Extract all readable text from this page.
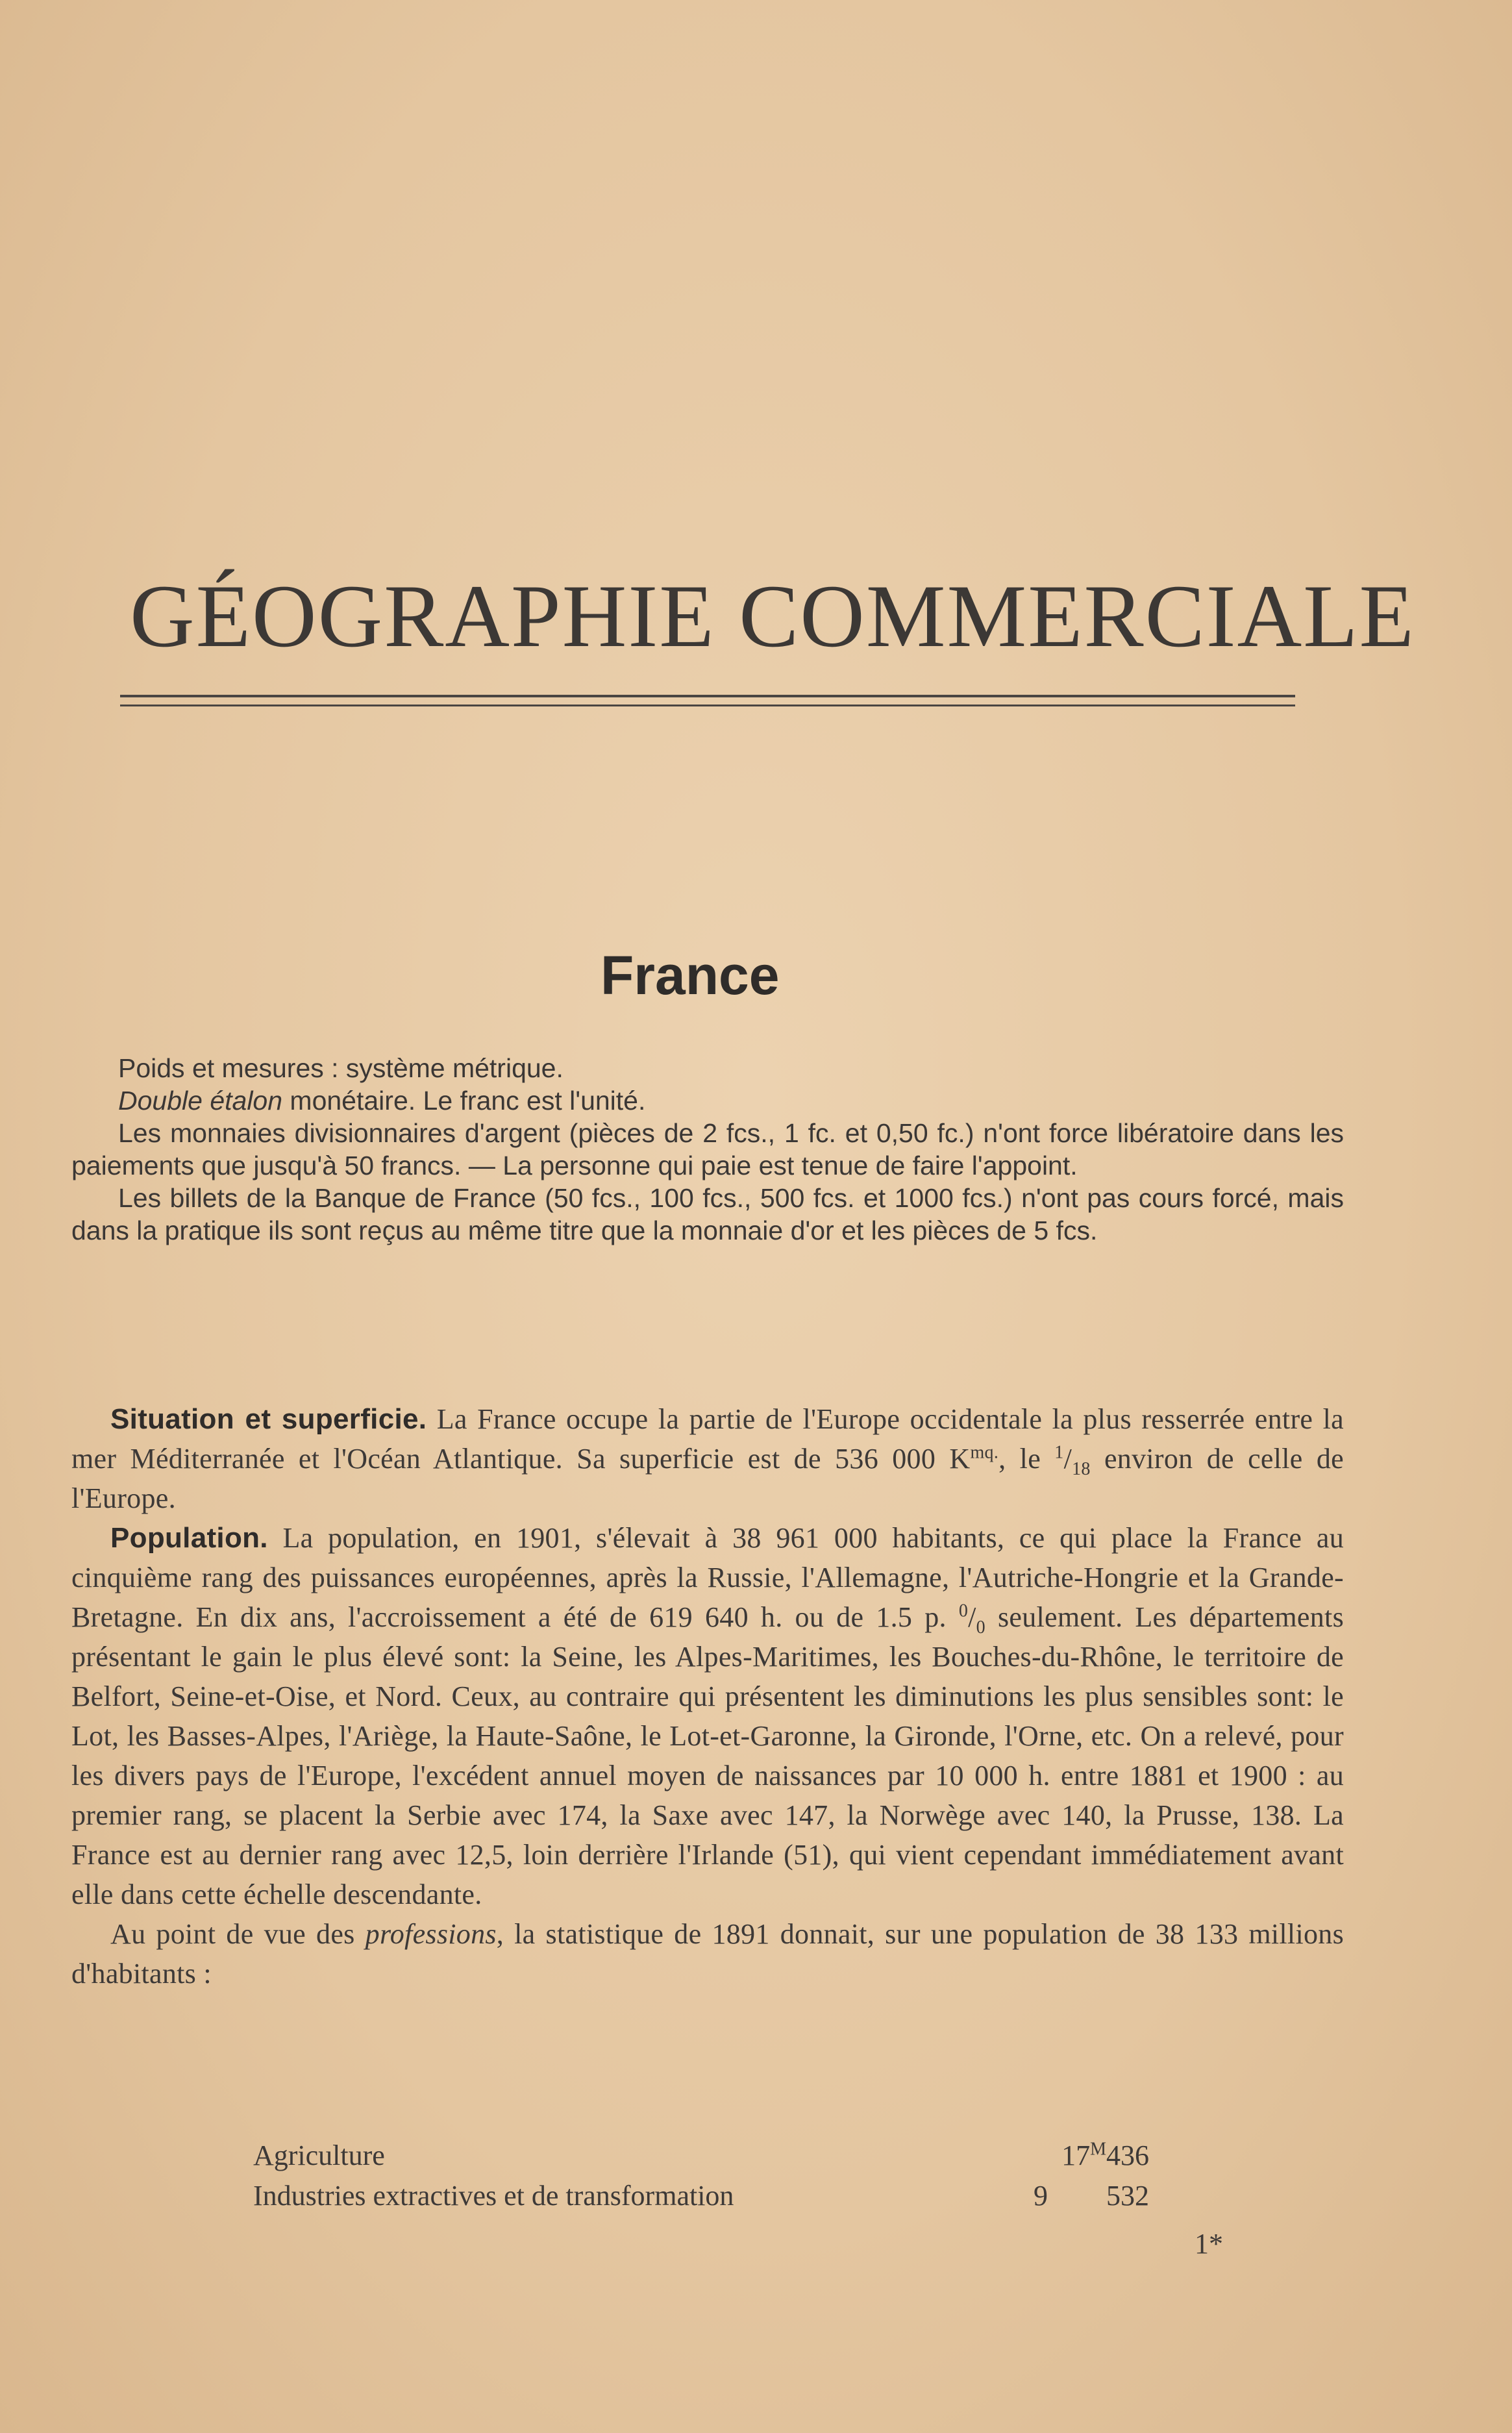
GÉOGRAPHIE COMMERCIALE
France

Poids et mesures : système métrique.

Double étalon monétaire. Le franc est l'unité.

Les monnaies divisionnaires d'argent (pièces de 2 fcs., 1 fc. et 0,50 fc.) n'ont force libératoire dans les paiements que jusqu'à 50 francs. — La personne qui paie est tenue de faire l'appoint.

Les billets de la Banque de France (50 fcs., 100 fcs., 500 fcs. et 1000 fcs.) n'ont pas cours forcé, mais dans la pratique ils sont reçus au même titre que la monnaie d'or et les pièces de 5 fcs.

Situation et superficie. La France occupe la partie de l'Europe occidentale la plus resserrée entre la mer Méditerranée et l'Océan Atlantique. Sa superficie est de 536 000 $K^{mq.}$, le $^1/_{18}$ environ de celle de l'Europe.

Population. La population, en 1901, s'élevait à 38 961 000 habitants, ce qui place la France au cinquième rang des puissances européennes, après la Russie, l'Allemagne, l'Autriche-Hongrie et la Grande-Bretagne. En dix ans, l'accroissement a été de 619 640 h. ou de 1.5 p. $^0/_0$ seulement. Les départements présentant le gain le plus élevé sont: la Seine, les Alpes-Maritimes, les Bouches-du-Rhône, le territoire de Belfort, Seine-et-Oise, et Nord. Ceux, au contraire qui présentent les diminutions les plus sensibles sont: le Lot, les Basses-Alpes, l'Ariège, la Haute-Saône, le Lot-et-Garonne, la Gironde, l'Orne, etc. On a relevé, pour les divers pays de l'Europe, l'excédent annuel moyen de naissances par 10 000 h. entre 1881 et 1900 : au premier rang, se placent la Serbie avec 174, la Saxe avec 147, la Norwège avec 140, la Prusse, 138. La France est au dernier rang avec 12,5, loin derrière l'Irlande (51), qui vient cependant immédiatement avant elle dans cette échelle descendante.

Au point de vue des professions, la statistique de 1891 donnait, sur une population de 38 133 millions d'habitants :

Agriculture	$17^M436$
Industries extractives et de transformation	9 532
1*
